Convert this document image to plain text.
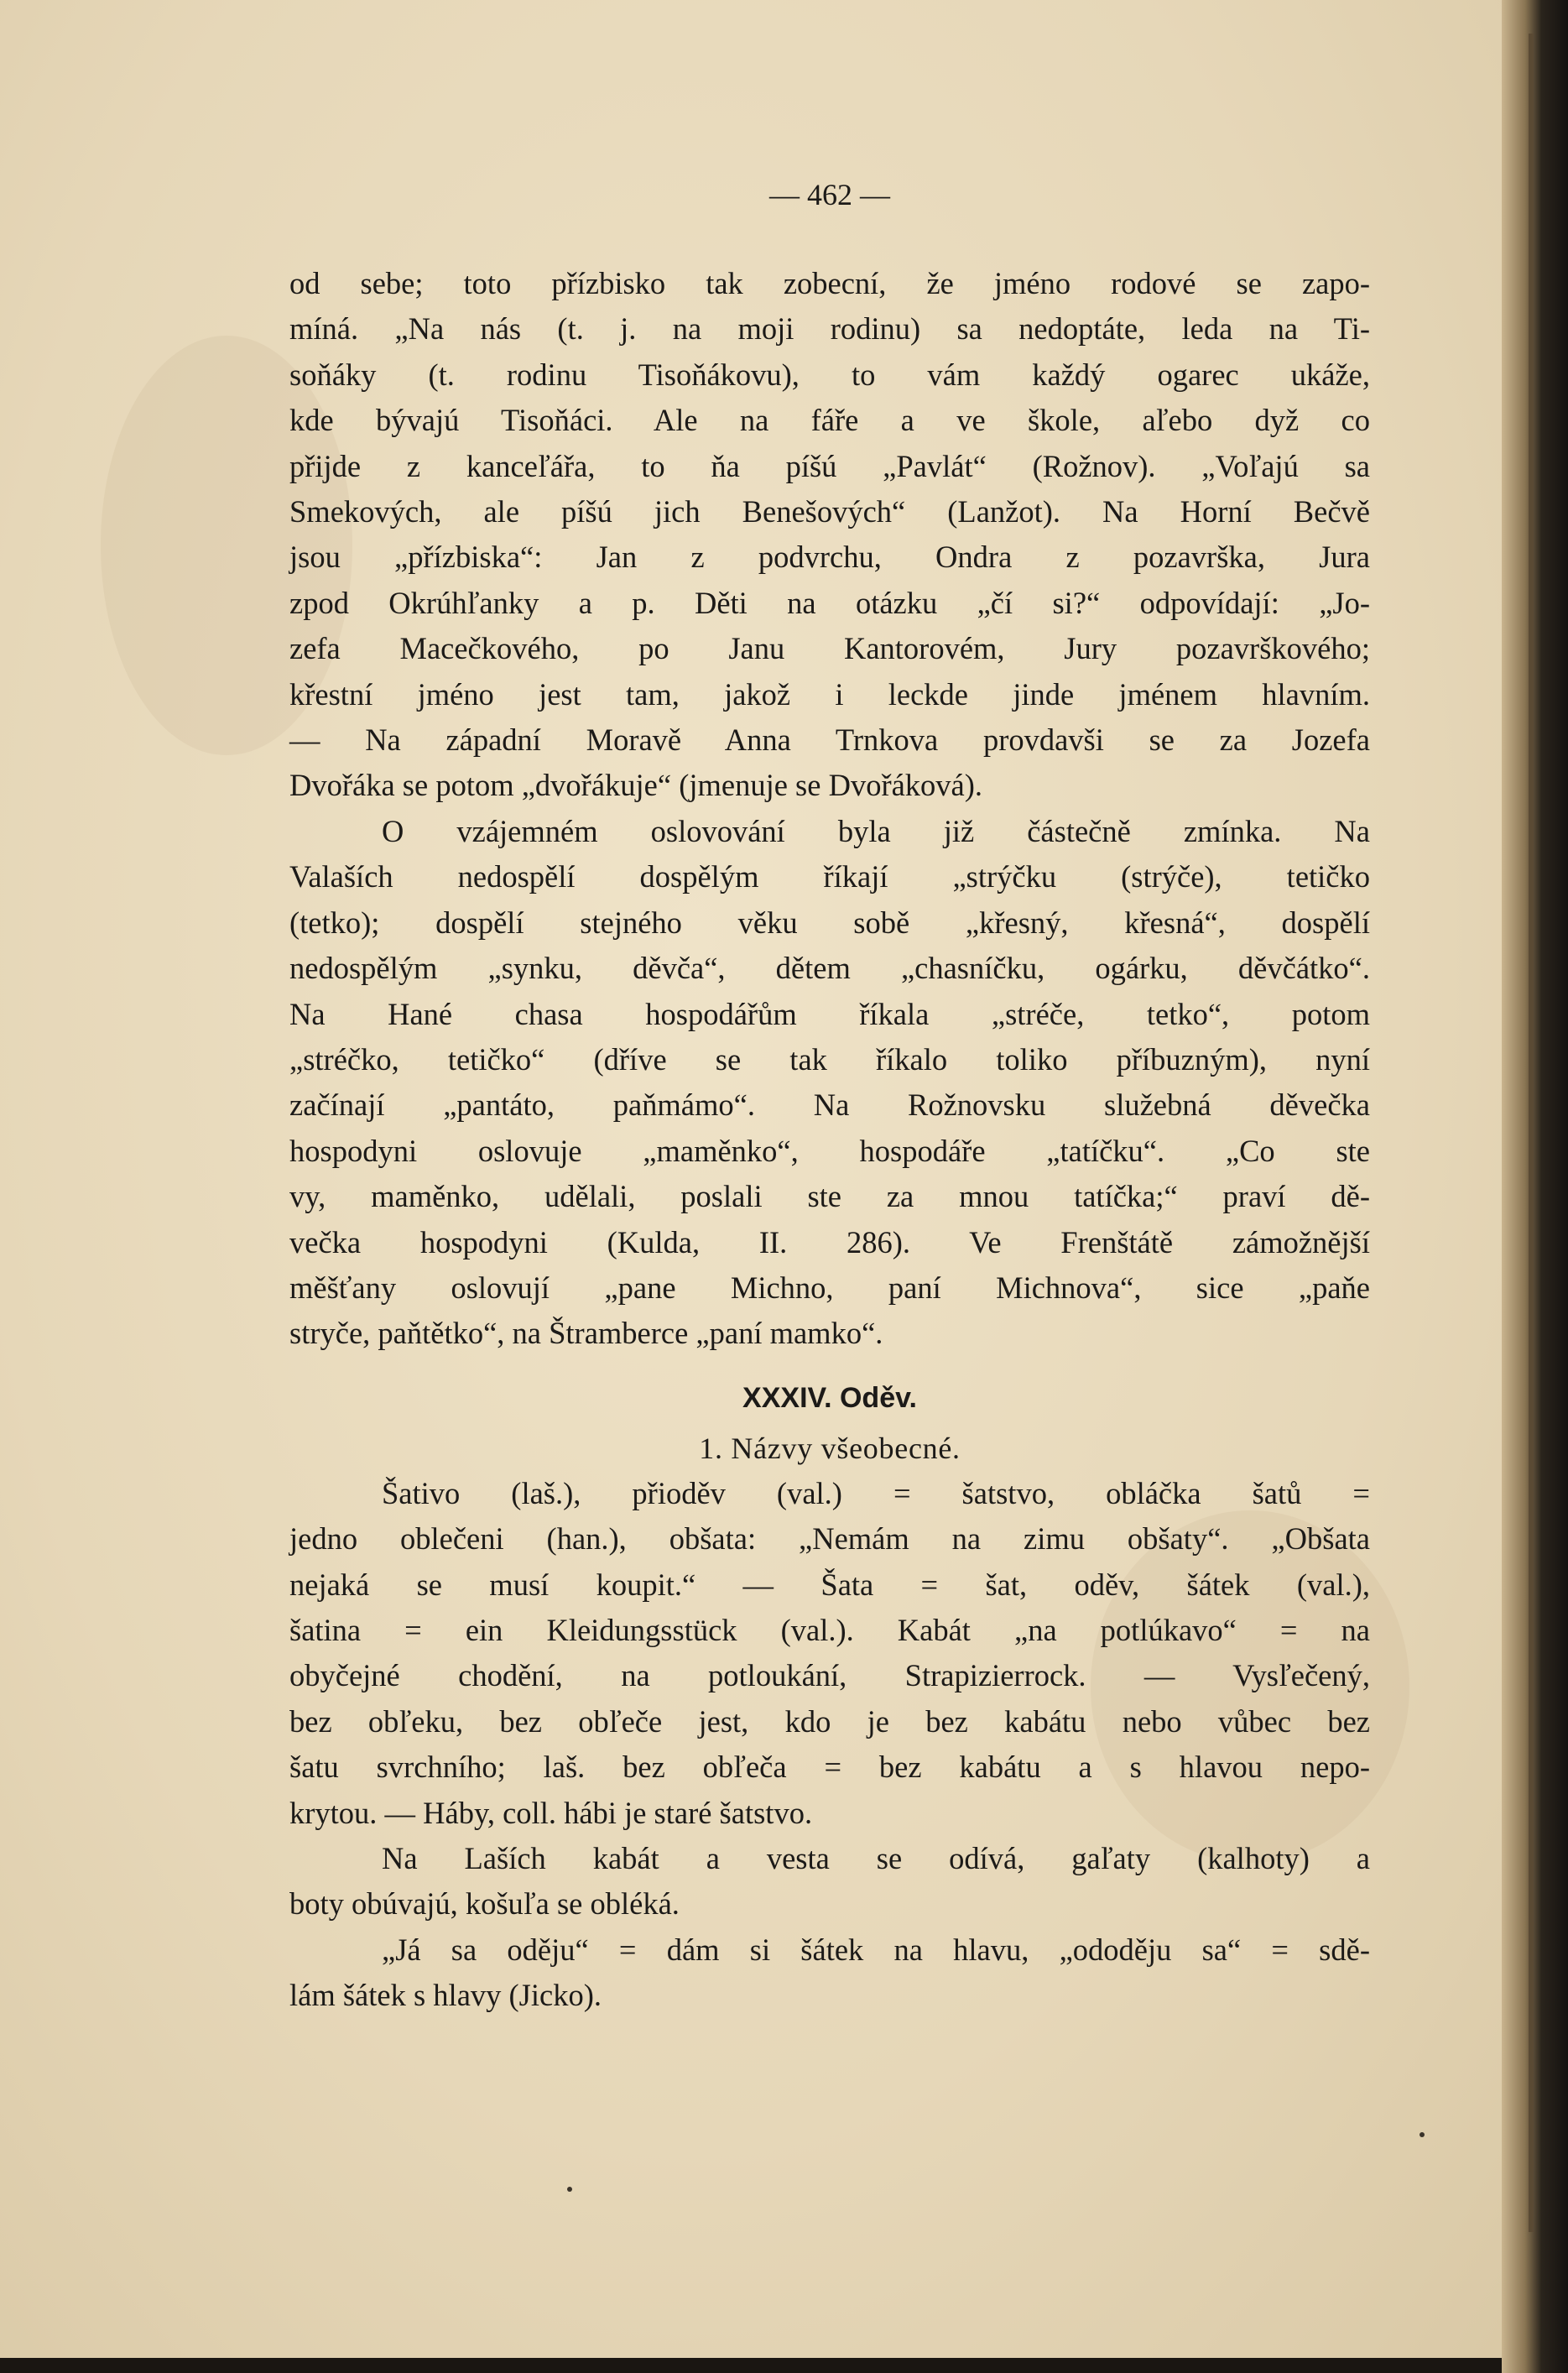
— 462 —

od sebe; toto přízbisko tak zobecní, že jméno rodové se zapo-
míná. „Na nás (t. j. na moji rodinu) sa nedoptáte, leda na Ti-
soňáky (t. rodinu Tisoňákovu), to vám každý ogarec ukáže,
kde bývajú Tisoňáci. Ale na fáře a ve škole, aľebo dyž co
přijde z kanceľářa, to ňa píšú „Pavlát“ (Rožnov). „Voľajú sa
Smekových, ale píšú jich Benešových“ (Lanžot). Na Horní Bečvě
jsou „přízbiska“: Jan z podvrchu, Ondra z pozavrška, Jura
zpod Okrúhľanky a p. Děti na otázku „čí si?“ odpovídají: „Jo-
zefa Macečkového, po Janu Kantorovém, Jury pozavrškového;
křestní jméno jest tam, jakož i leckde jinde jménem hlavním.
— Na západní Moravě Anna Trnkova provdavši se za Jozefa
Dvořáka se potom „dvořákuje“ (jmenuje se Dvořáková).

O vzájemném oslovování byla již částečně zmínka. Na
Valaších nedospělí dospělým říkají „strýčku (strýče), tetičko
(tetko); dospělí stejného věku sobě „křesný, křesná“, dospělí
nedospělým „synku, děvča“, dětem „chasníčku, ogárku, děvčátko“.
Na Hané chasa hospodářům říkala „stréče, tetko“, potom
„stréčko, tetičko“ (dříve se tak říkalo toliko příbuzným), nyní
začínají „pantáto, paňmámo“. Na Rožnovsku služebná děvečka
hospodyni oslovuje „maměnko“, hospodáře „tatíčku“. „Co ste
vy, maměnko, udělali, poslali ste za mnou tatíčka;“ praví dě-
večka hospodyni (Kulda, II. 286). Ve Frenštátě zámožnější
měšťany oslovují „pane Michno, paní Michnova“, sice „paňe
stryče, paňtětko“, na Štramberce „paní mamko“.

XXXIV. Oděv.
1. Názvy všeobecné.

Šativo (laš.), přioděv (val.) = šatstvo, obláčka šatů =
jedno oblečeni (han.), obšata: „Nemám na zimu obšaty“. „Obšata
nejaká se musí koupit.“ — Šata = šat, oděv, šátek (val.),
šatina = ein Kleidungsstück (val.). Kabát „na potlúkavo“ = na
obyčejné chodění, na potloukání, Strapizierrock. — Vysľečený,
bez obľeku, bez obľeče jest, kdo je bez kabátu nebo vůbec bez
šatu svrchního; laš. bez obľeča = bez kabátu a s hlavou nepo-
krytou. — Háby, coll. hábi je staré šatstvo.

Na Laších kabát a vesta se odívá, gaľaty (kalhoty) a
boty obúvajú, košuľa se obléká.

„Já sa oděju“ = dám si šátek na hlavu, „ododěju sa“ = sdě-
lám šátek s hlavy (Jicko).
